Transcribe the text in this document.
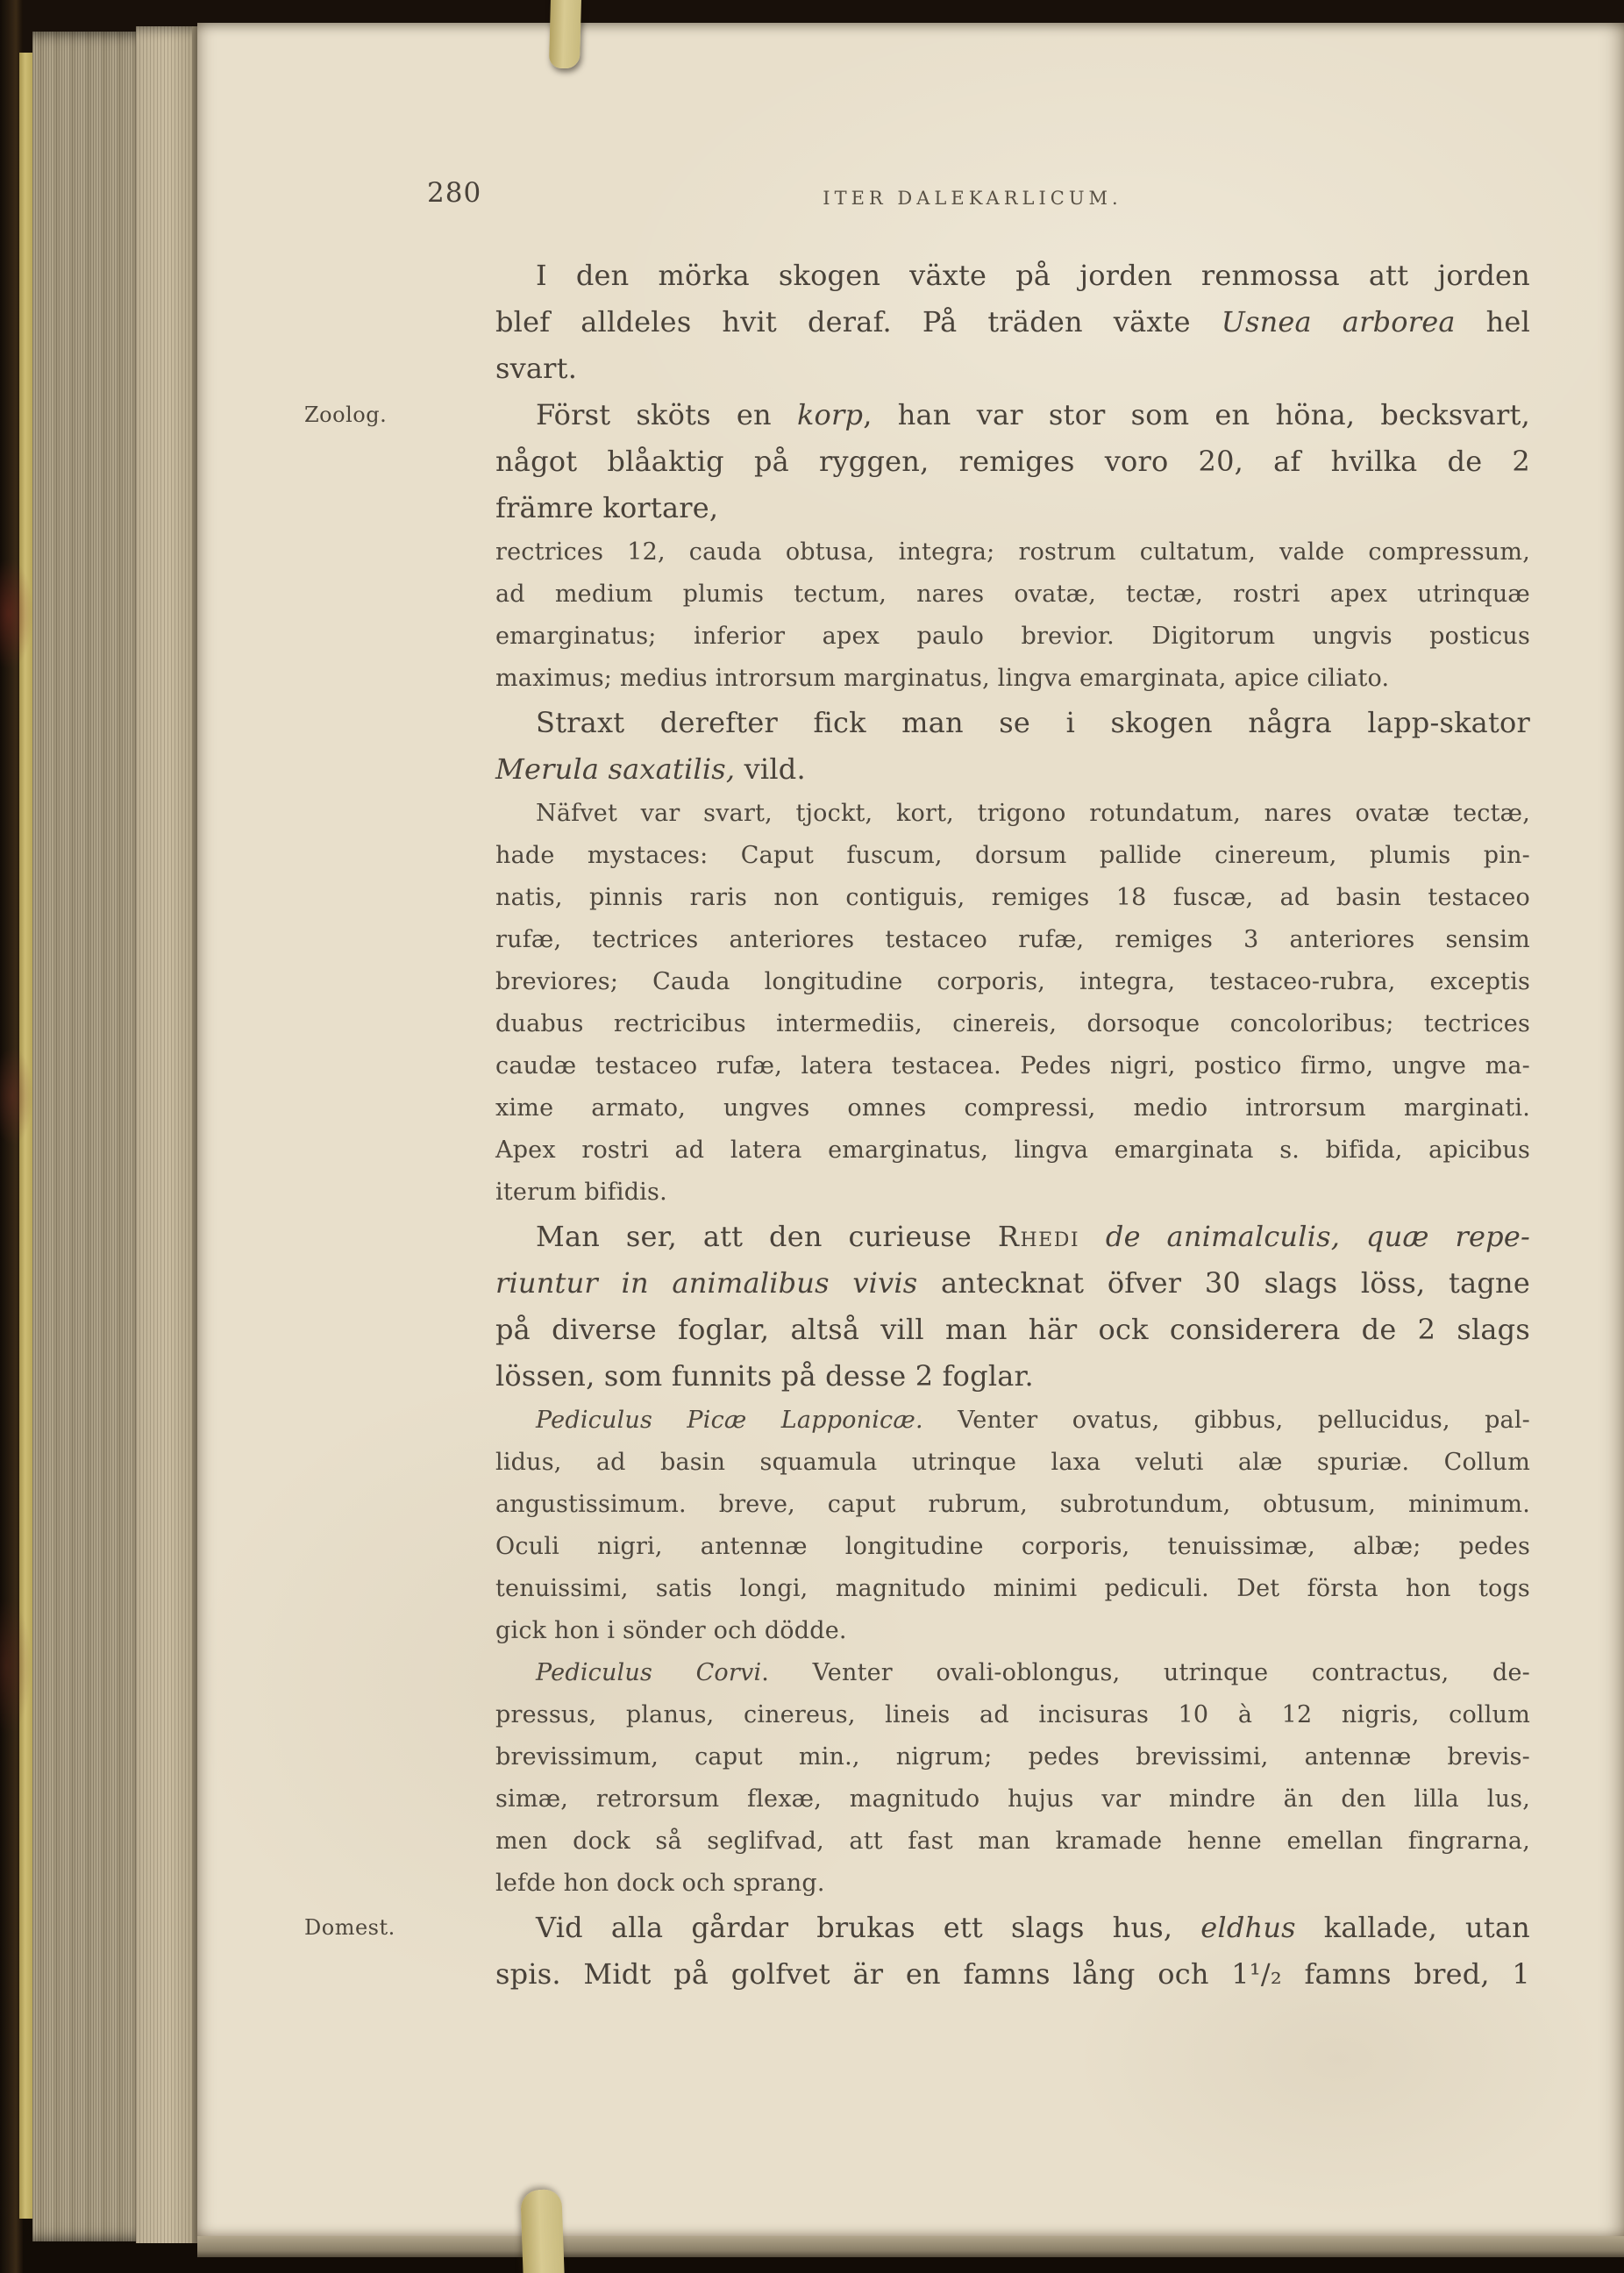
280	ITER DALEKARLICUM.
I den mörka skogen växte på jorden renmossa att jorden
blef alldeles hvit deraf. På träden växte Usnea arborea hel
svart.
Först sköts en korp, han var stor som en höna, becksvart,
något blåaktig på ryggen, remiges voro 20, af hvilka de 2
främre kortare,
rectrices 12, cauda obtusa, integra; rostrum cultatum, valde compressum,
ad medium plumis tectum, nares ovatæ, tectæ, rostri apex utrinquæ
emarginatus; inferior apex paulo brevior. Digitorum ungvis posticus
maximus; medius introrsum marginatus, lingva emarginata, apice ciliato.
Straxt derefter fick man se i skogen några lapp-skator
Merula saxatilis, vild.
Näfvet var svart, tjockt, kort, trigono rotundatum, nares ovatæ tectæ,
hade mystaces: Caput fuscum, dorsum pallide cinereum, plumis pin-
natis, pinnis raris non contiguis, remiges 18 fuscæ, ad basin testaceo
rufæ, tectrices anteriores testaceo rufæ, remiges 3 anteriores sensim
breviores; Cauda longitudine corporis, integra, testaceo-rubra, exceptis
duabus rectricibus intermediis, cinereis, dorsoque concoloribus; tectrices
caudæ testaceo rufæ, latera testacea. Pedes nigri, postico firmo, ungve ma-
xime armato, ungves omnes compressi, medio introrsum marginati.
Apex rostri ad latera emarginatus, lingva emarginata s. bifida, apicibus
iterum bifidis.
Man ser, att den curieuse Rhedi de animalculis, quæ repe-
riuntur in animalibus vivis antecknat öfver 30 slags löss, tagne
på diverse foglar, altså vill man här ock considerera de 2 slags
lössen, som funnits på desse 2 foglar.
Pediculus Picæ Lapponicæ. Venter ovatus, gibbus, pellucidus, pal-
lidus, ad basin squamula utrinque laxa veluti alæ spuriæ. Collum
angustissimum. breve, caput rubrum, subrotundum, obtusum, minimum.
Oculi nigri, antennæ longitudine corporis, tenuissimæ, albæ; pedes
tenuissimi, satis longi, magnitudo minimi pediculi. Det första hon togs
gick hon i sönder och dödde.
Pediculus Corvi. Venter ovali-oblongus, utrinque contractus, de-
pressus, planus, cinereus, lineis ad incisuras 10 à 12 nigris, collum
brevissimum, caput min., nigrum; pedes brevissimi, antennæ brevis-
simæ, retrorsum flexæ, magnitudo hujus var mindre än den lilla lus,
men dock så seglifvad, att fast man kramade henne emellan fingrarna,
lefde hon dock och sprang.
Vid alla gårdar brukas ett slags hus, eldhus kallade, utan
spis. Midt på golfvet är en famns lång och 1¹/₂ famns bred, 1
Zoolog.
Domest.
